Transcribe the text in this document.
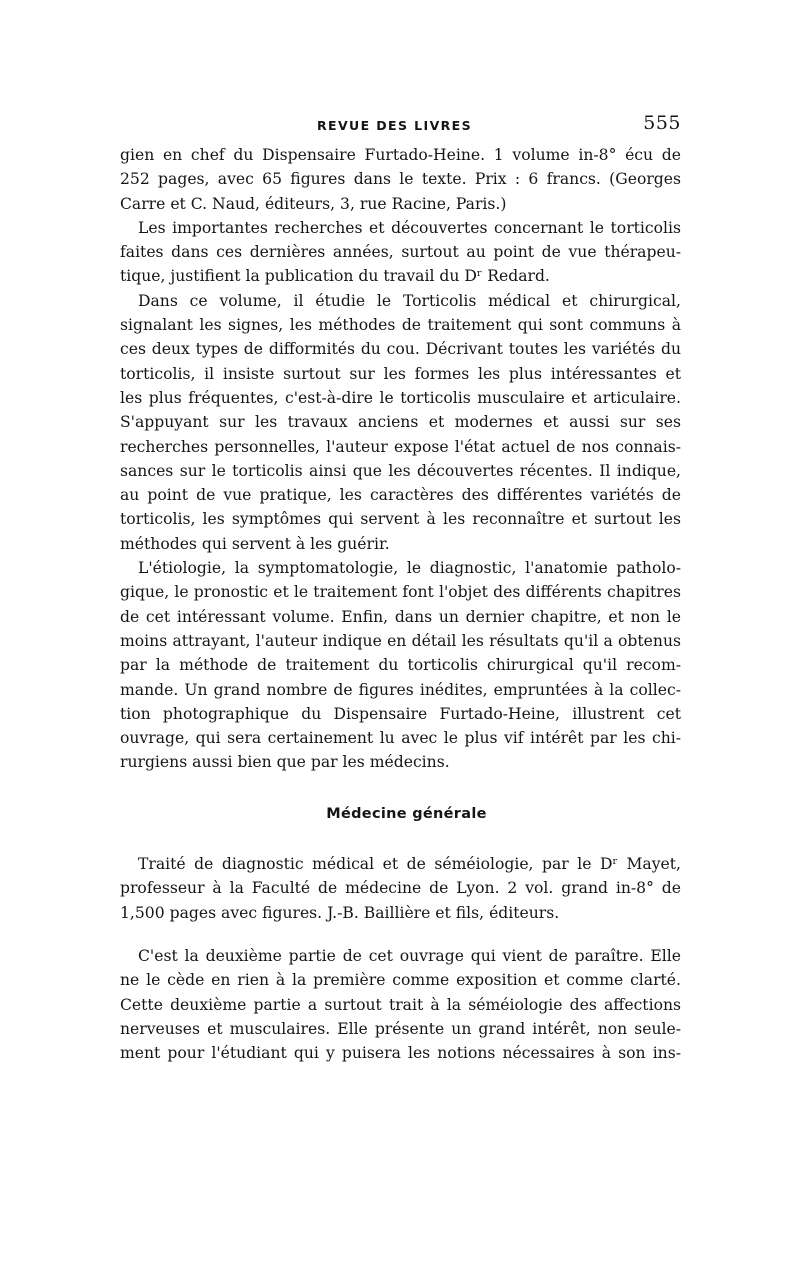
REVUE DES LIVRES	555
gien en chef du Dispensaire Furtado-Heine. 1 volume in-8° écu de
252 pages, avec 65 figures dans le texte. Prix : 6 francs. (Georges
Carre et C. Naud, éditeurs, 3, rue Racine, Paris.)
Les importantes recherches et découvertes concernant le torticolis
faites dans ces dernières années, surtout au point de vue thérapeu-
tique, justifient la publication du travail du Dʳ Redard.
Dans ce volume, il étudie le Torticolis médical et chirurgical,
signalant les signes, les méthodes de traitement qui sont communs à
ces deux types de difformités du cou. Décrivant toutes les variétés du
torticolis, il insiste surtout sur les formes les plus intéressantes et
les plus fréquentes, c'est-à-dire le torticolis musculaire et articulaire.
S'appuyant sur les travaux anciens et modernes et aussi sur ses
recherches personnelles, l'auteur expose l'état actuel de nos connais-
sances sur le torticolis ainsi que les découvertes récentes. Il indique,
au point de vue pratique, les caractères des différentes variétés de
torticolis, les symptômes qui servent à les reconnaître et surtout les
méthodes qui servent à les guérir.
L'étiologie, la symptomatologie, le diagnostic, l'anatomie patholo-
gique, le pronostic et le traitement font l'objet des différents chapitres
de cet intéressant volume. Enfin, dans un dernier chapitre, et non le
moins attrayant, l'auteur indique en détail les résultats qu'il a obtenus
par la méthode de traitement du torticolis chirurgical qu'il recom-
mande. Un grand nombre de figures inédites, empruntées à la collec-
tion photographique du Dispensaire Furtado-Heine, illustrent cet
ouvrage, qui sera certainement lu avec le plus vif intérêt par les chi-
rurgiens aussi bien que par les médecins.
Médecine générale
Traité de diagnostic médical et de séméiologie, par le Dʳ Mayet,
professeur à la Faculté de médecine de Lyon. 2 vol. grand in-8° de
1,500 pages avec figures. J.-B. Baillière et fils, éditeurs.
C'est la deuxième partie de cet ouvrage qui vient de paraître. Elle
ne le cède en rien à la première comme exposition et comme clarté.
Cette deuxième partie a surtout trait à la séméiologie des affections
nerveuses et musculaires. Elle présente un grand intérêt, non seule-
ment pour l'étudiant qui y puisera les notions nécessaires à son ins-
